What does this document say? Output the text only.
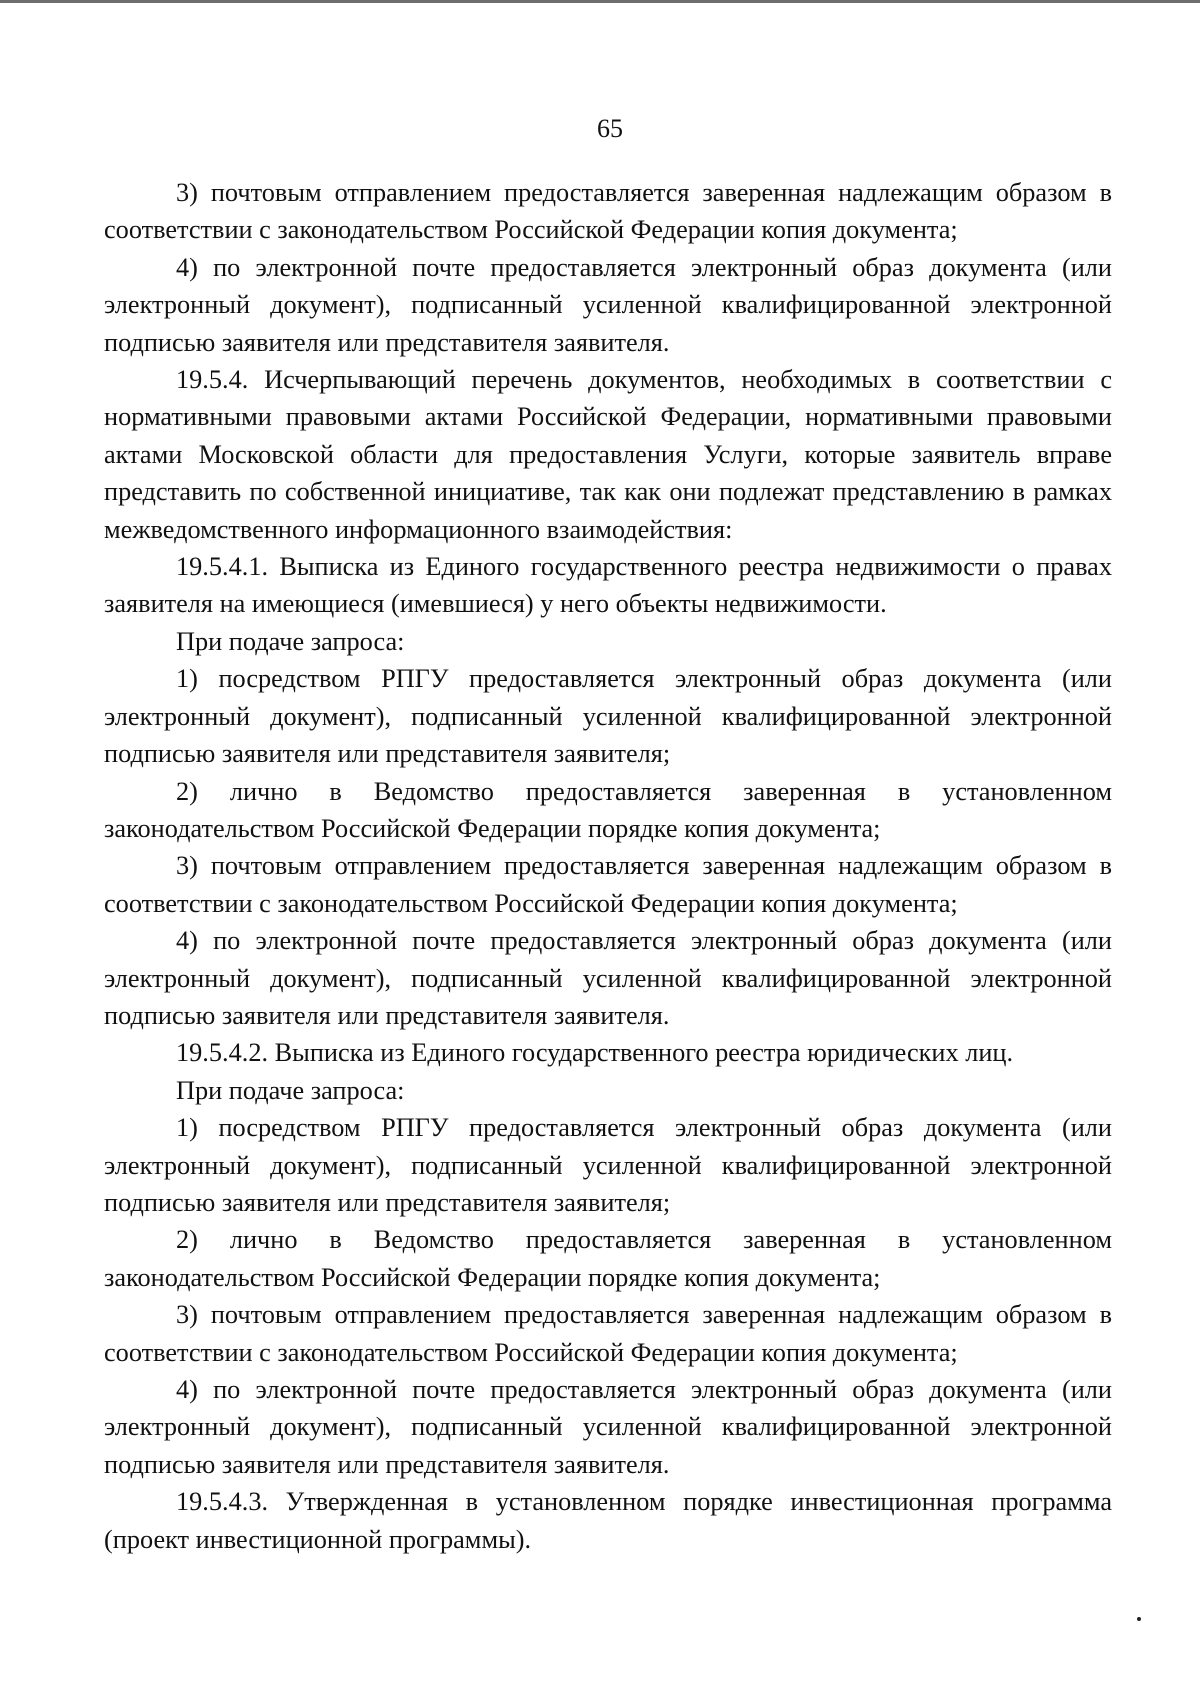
65

3) почтовым отправлением предоставляется заверенная надлежащим образом в соответствии с законодательством Российской Федерации копия документа;

4) по электронной почте предоставляется электронный образ документа (или электронный документ), подписанный усиленной квалифицированной электронной подписью заявителя или представителя заявителя.

19.5.4. Исчерпывающий перечень документов, необходимых в соответствии с нормативными правовыми актами Российской Федерации, нормативными правовыми актами Московской области для предоставления Услуги, которые заявитель вправе представить по собственной инициативе, так как они подлежат представлению в рамках межведомственного информационного взаимодействия:

19.5.4.1. Выписка из Единого государственного реестра недвижимости о правах заявителя на имеющиеся (имевшиеся) у него объекты недвижимости.

При подаче запроса:

1) посредством РПГУ предоставляется электронный образ документа (или электронный документ), подписанный усиленной квалифицированной электронной подписью заявителя или представителя заявителя;

2) лично в Ведомство предоставляется заверенная в установленном законодательством Российской Федерации порядке копия документа;

3) почтовым отправлением предоставляется заверенная надлежащим образом в соответствии с законодательством Российской Федерации копия документа;

4) по электронной почте предоставляется электронный образ документа (или электронный документ), подписанный усиленной квалифицированной электронной подписью заявителя или представителя заявителя.

19.5.4.2. Выписка из Единого государственного реестра юридических лиц.

При подаче запроса:

1) посредством РПГУ предоставляется электронный образ документа (или электронный документ), подписанный усиленной квалифицированной электронной подписью заявителя или представителя заявителя;

2) лично в Ведомство предоставляется заверенная в установленном законодательством Российской Федерации порядке копия документа;

3) почтовым отправлением предоставляется заверенная надлежащим образом в соответствии с законодательством Российской Федерации копия документа;

4) по электронной почте предоставляется электронный образ документа (или электронный документ), подписанный усиленной квалифицированной электронной подписью заявителя или представителя заявителя.

19.5.4.3. Утвержденная в установленном порядке инвестиционная программа (проект инвестиционной программы).
